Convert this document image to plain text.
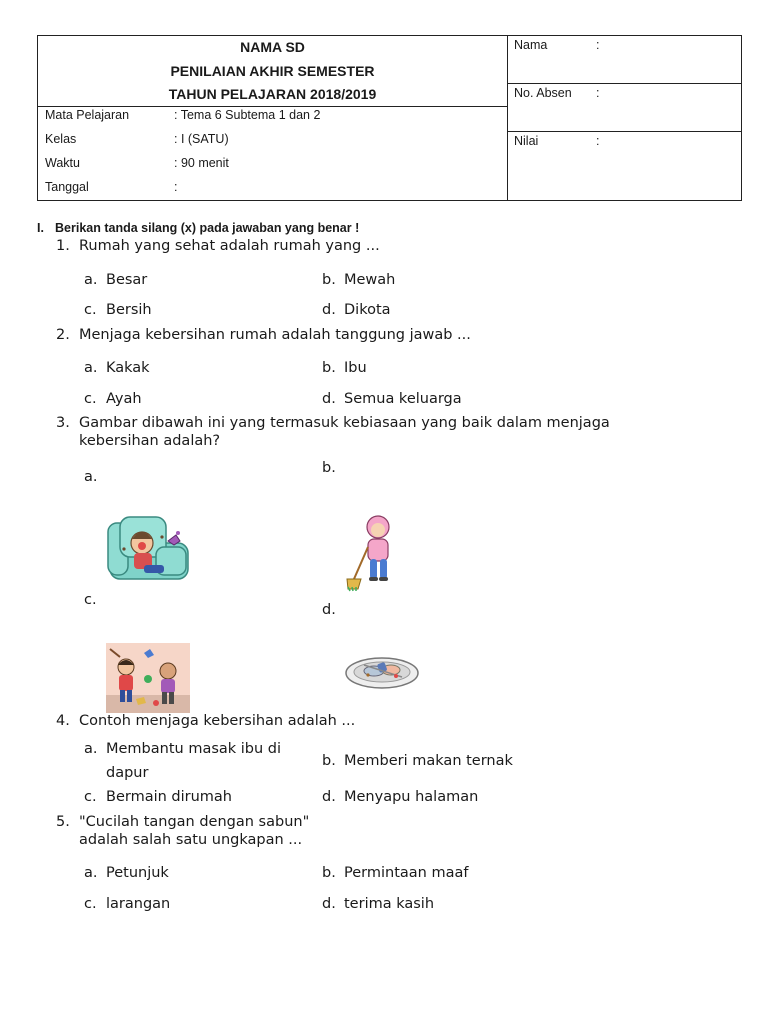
NAMA SD
PENILAIAN AKHIR SEMESTER
TAHUN PELAJARAN 2018/2019
Mata Pelajaran	: Tema 6 Subtema 1 dan 2
Kelas	: I (SATU)
Waktu	: 90 menit
Tanggal	:
Nama	:
No. Absen :
Nilai	:
I. Berikan tanda silang (x) pada jawaban yang benar !
1. Rumah yang sehat adalah rumah yang ...
a. Besar	b. Mewah
c. Bersih	d. Dikota
2. Menjaga kebersihan rumah adalah tanggung jawab ...
a. Kakak	b. Ibu
c. Ayah	d. Semua keluarga
3. Gambar dibawah ini yang termasuk kebiasaan yang baik dalam menjaga
kebersihan adalah?
a.
b.
c.
d.
4. Contoh menjaga kebersihan adalah ...
a. Membantu masak ibu di
dapur
b. Memberi makan ternak
c. Bermain dirumah	d. Menyapu halaman
5. "Cucilah tangan dengan sabun"
adalah salah satu ungkapan ...
a. Petunjuk	b. Permintaan maaf
c. larangan	d. terima kasih
